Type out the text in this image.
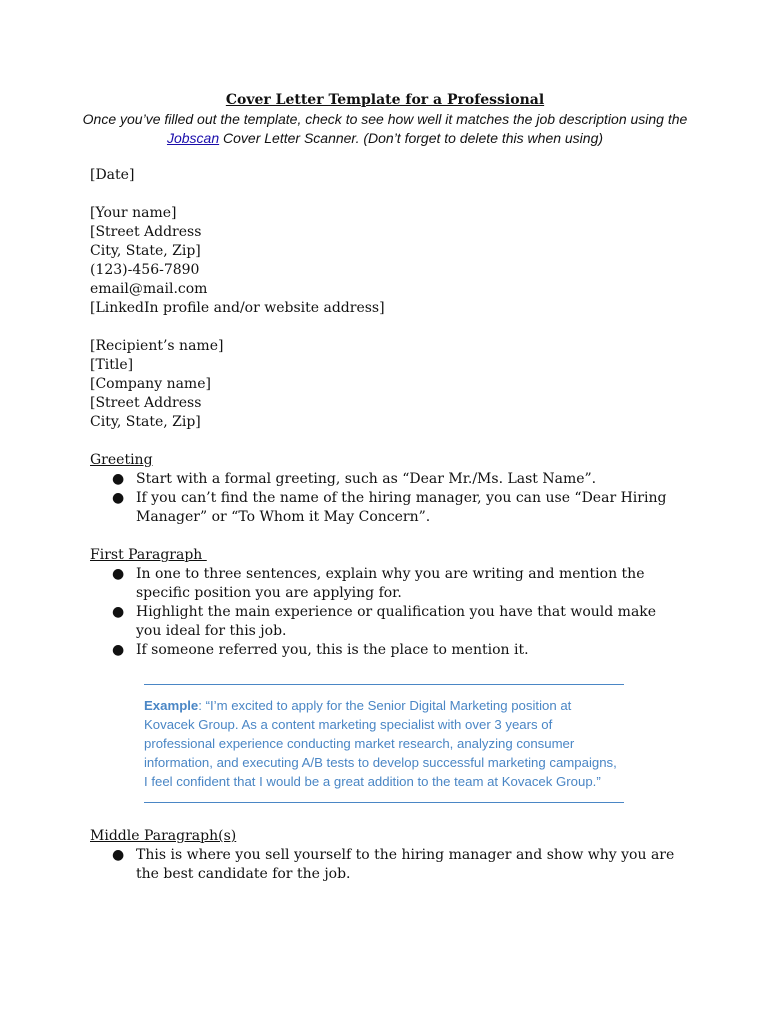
Cover Letter Template for a Professional

Once you’ve filled out the template, check to see how well it matches the job description using the Jobscan Cover Letter Scanner. (Don’t forget to delete this when using)

[Date]
[Your name]
[Street Address
City, State, Zip]
(123)-456-7890
email@mail.com
[LinkedIn profile and/or website address]
[Recipient’s name]
[Title]
[Company name]
[Street Address
City, State, Zip]
Greeting
● Start with a formal greeting, such as “Dear Mr./Ms. Last Name”.
● If you can’t find the name of the hiring manager, you can use “Dear Hiring Manager” or “To Whom it May Concern”.
First Paragraph
● In one to three sentences, explain why you are writing and mention the specific position you are applying for.
● Highlight the main experience or qualification you have that would make you ideal for this job.
● If someone referred you, this is the place to mention it.
Example: “I’m excited to apply for the Senior Digital Marketing position at Kovacek Group. As a content marketing specialist with over 3 years of professional experience conducting market research, analyzing consumer information, and executing A/B tests to develop successful marketing campaigns, I feel confident that I would be a great addition to the team at Kovacek Group.”
Middle Paragraph(s)
● This is where you sell yourself to the hiring manager and show why you are the best candidate for the job.
